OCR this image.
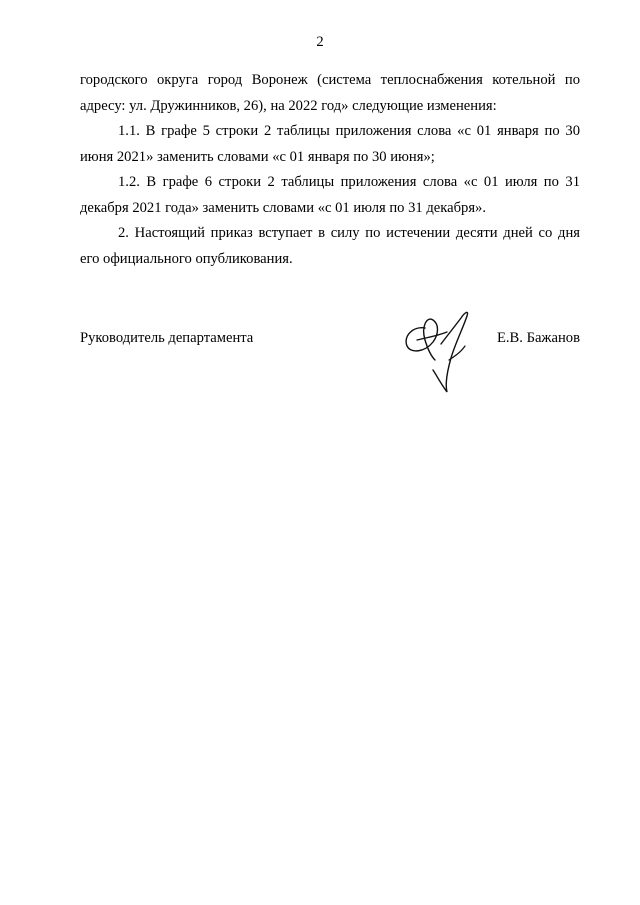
2

городского округа город Воронеж (система теплоснабжения котельной по адресу: ул. Дружинников, 26), на 2022 год» следующие изменения:

1.1. В графе 5 строки 2 таблицы приложения слова «с 01 января по 30 июня 2021» заменить словами «с 01 января по 30 июня»;

1.2. В графе 6 строки 2 таблицы приложения слова «с 01 июля по 31 декабря 2021 года» заменить словами «с 01 июля по 31 декабря».

2. Настоящий приказ вступает в силу по истечении десяти дней со дня его официального опубликования.

Руководитель департамента	Е.В. Бажанов
